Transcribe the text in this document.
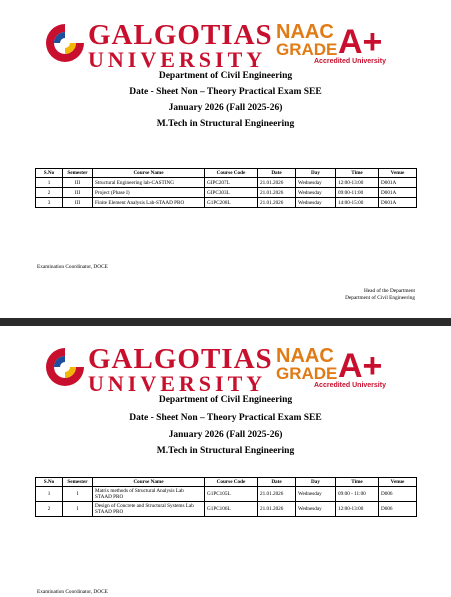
GALGOTIAS
UNIVERSITY
NAAC
GRADE A+
Accredited University
Department of Civil Engineering
Date - Sheet Non – Theory Practical Exam SEE
January 2026 (Fall 2025-26)
M.Tech in Structural Engineering
S.No	Semester	Course Name	Course Code	Date	Day	Time	Venue
1	III	Structural Engineering lab-CASTING	GIPC207L	21.01.2026	Wednesday	12:00-13:00	D001A
2	III	Project (Phase I)	GIPC303L	21.01.2026	Wednesday	09:00-11:00	D001A
3	III	Finite Element Analysis Lab-STAAD PRO	G1PC208L	21.01.2026	Wednesday	14:00-15:00	D001A
Examination Coordinator, DOCE
Head of the Department
Department of Civil Engineering
GALGOTIAS
UNIVERSITY
NAAC
GRADE A+
Accredited University
Department of Civil Engineering
Date - Sheet Non – Theory Practical Exam SEE
January 2026 (Fall 2025-26)
M.Tech in Structural Engineering
S.No	Semester	Course Name	Course Code	Date	Day	Time	Venue
1	I	Matrix methods of Structural Analysis Lab STAAD PRO	G1PC105L	21.01.2026	Wednesday	09:00 - 11:00	D006
2	I	Design of Concrete and Structural Systems Lab STAAD PRO	G1PC106L	21.01.2026	Wednesday	12:00-13:00	D006
Examination Coordinator, DOCE
